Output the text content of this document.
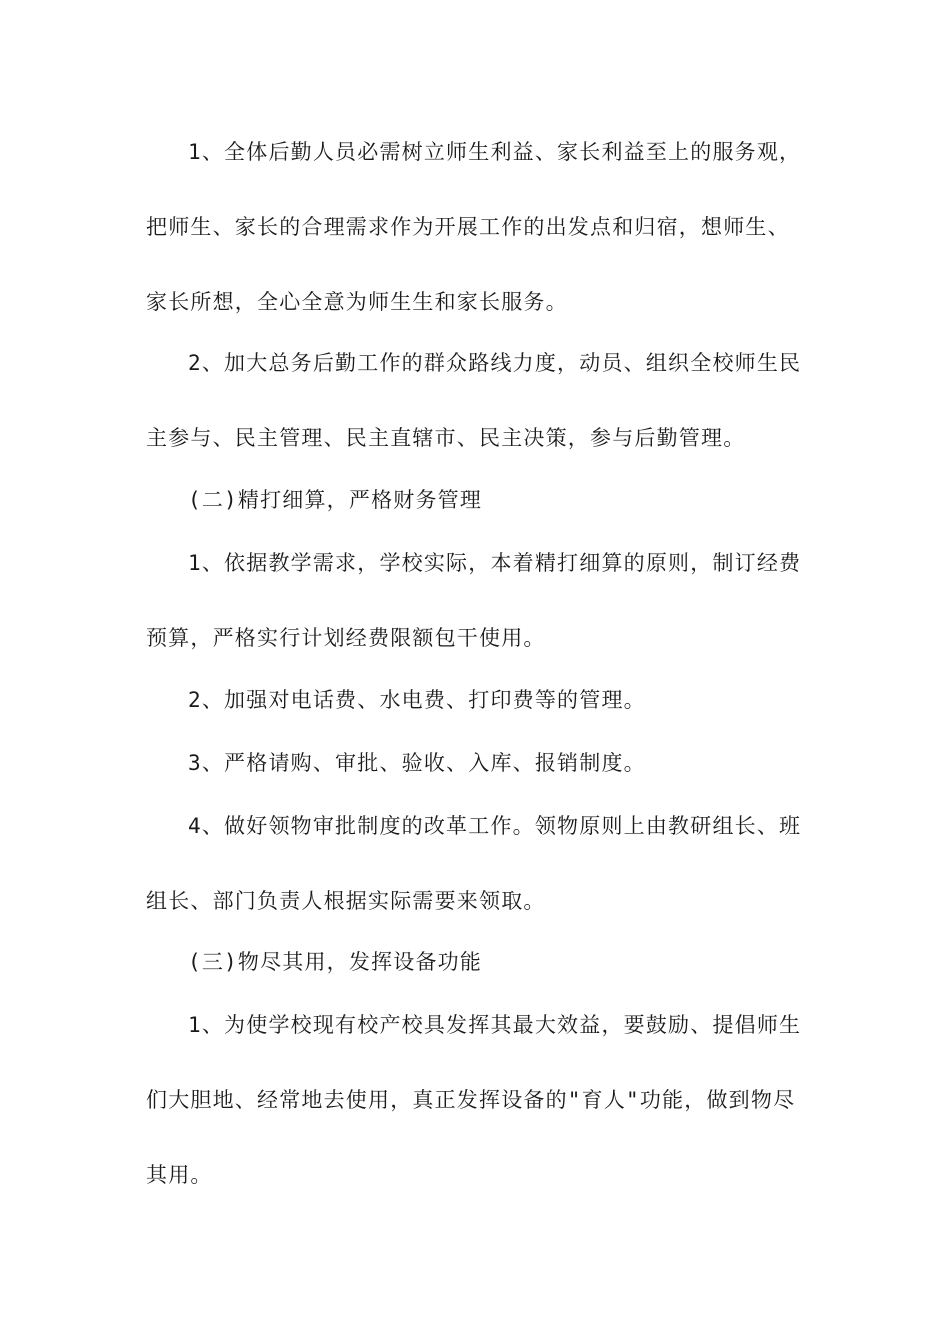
1、全体后勤人员必需树立师生利益、家长利益至上的服务观，
把师生、家长的合理需求作为开展工作的出发点和归宿，想师生、
家长所想，全心全意为师生生和家长服务。
2、加大总务后勤工作的群众路线力度，动员、组织全校师生民
主参与、民主管理、民主直辖市、民主决策，参与后勤管理。
(二)精打细算，严格财务管理
1、依据教学需求，学校实际，本着精打细算的原则，制订经费
预算，严格实行计划经费限额包干使用。
2、加强对电话费、水电费、打印费等的管理。
3、严格请购、审批、验收、入库、报销制度。
4、做好领物审批制度的改革工作。领物原则上由教研组长、班
组长、部门负责人根据实际需要来领取。
(三)物尽其用，发挥设备功能
1、为使学校现有校产校具发挥其最大效益，要鼓励、提倡师生
们大胆地、经常地去使用，真正发挥设备的"育人"功能，做到物尽
其用。
